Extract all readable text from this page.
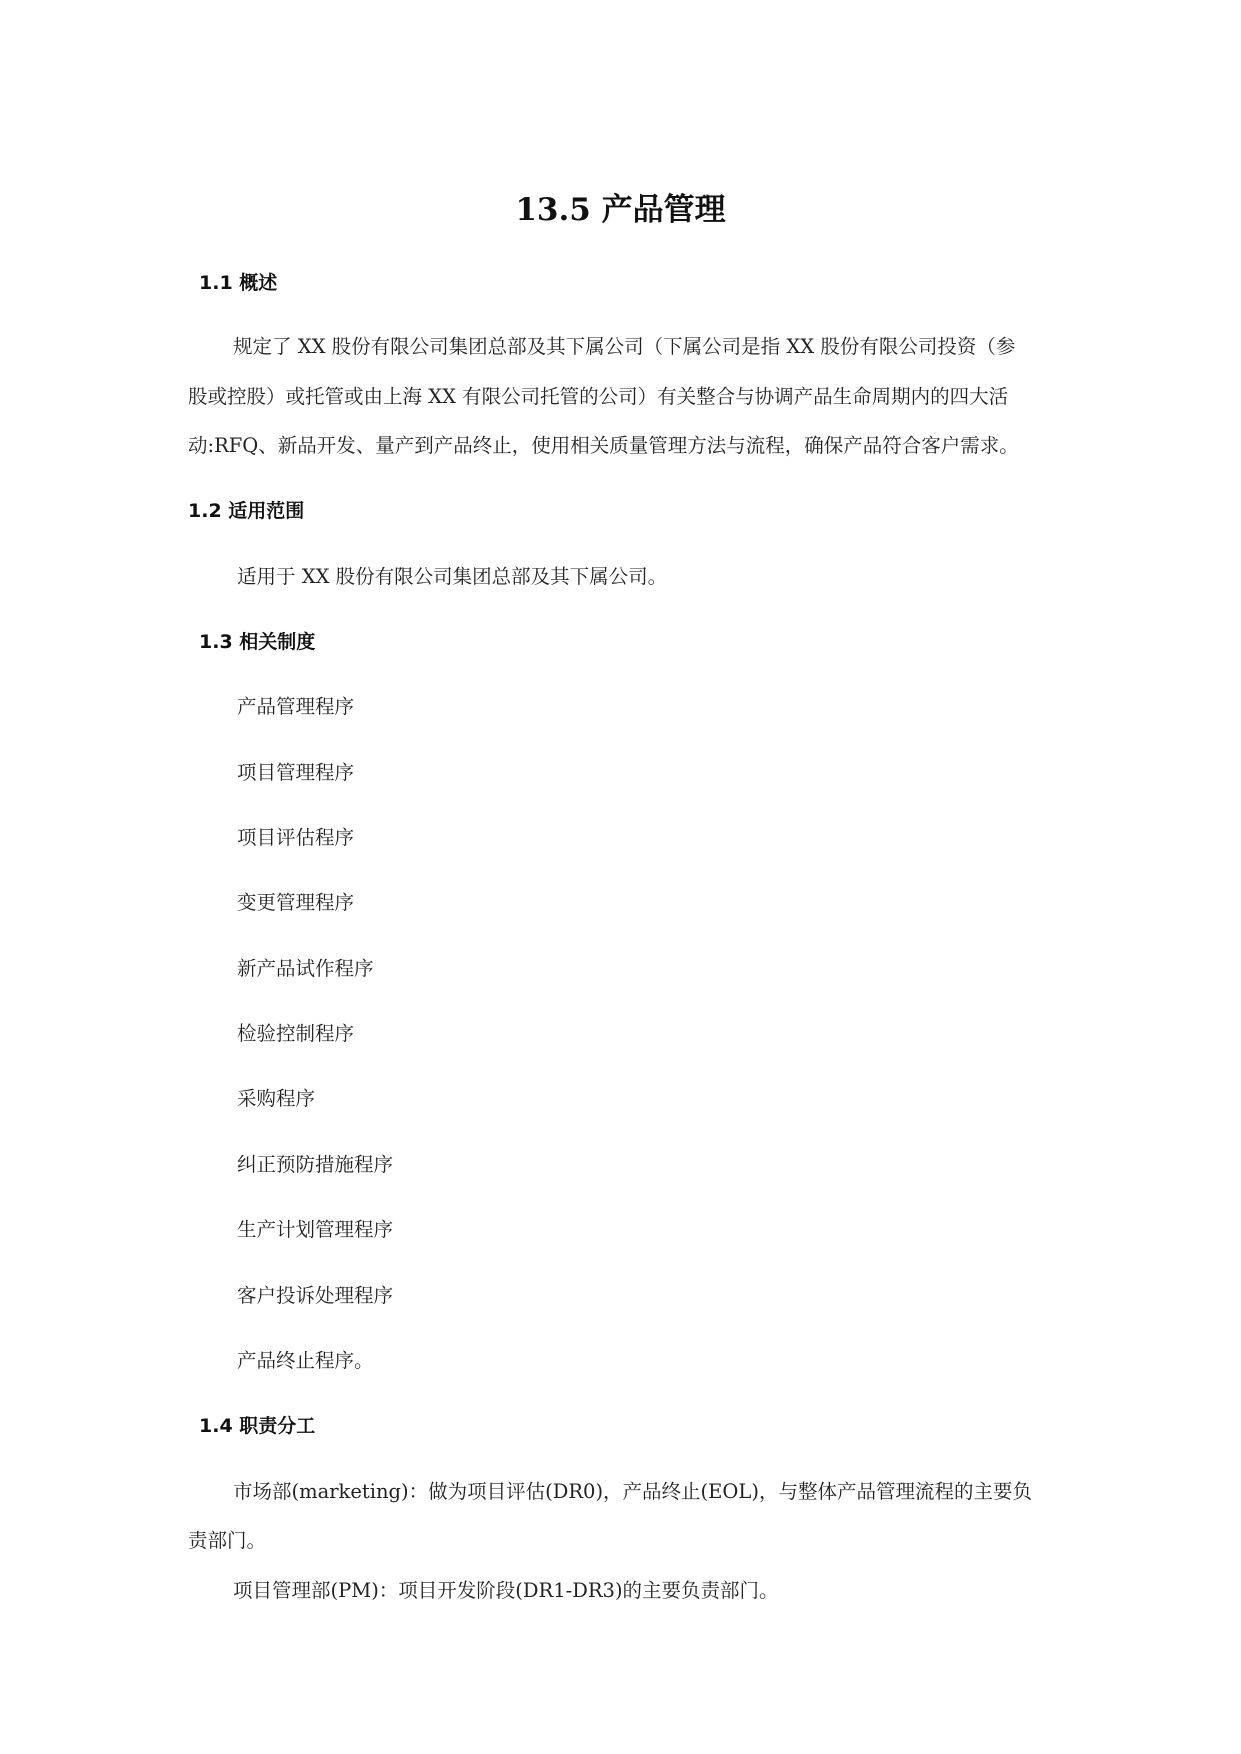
13.5 产品管理
1.1 概述
规定了 XX 股份有限公司集团总部及其下属公司（下属公司是指 XX 股份有限公司投资（参
股或控股）或托管或由上海 XX 有限公司托管的公司）有关整合与协调产品生命周期内的四大活
动:RFQ、新品开发、量产到产品终止，使用相关质量管理方法与流程，确保产品符合客户需求。
1.2 适用范围
适用于 XX 股份有限公司集团总部及其下属公司。
1.3 相关制度
产品管理程序
项目管理程序
项目评估程序
变更管理程序
新产品试作程序
检验控制程序
采购程序
纠正预防措施程序
生产计划管理程序
客户投诉处理程序
产品终止程序。
1.4 职责分工
市场部(marketing)：做为项目评估(DR0)，产品终止(EOL)，与整体产品管理流程的主要负
责部门。
项目管理部(PM)：项目开发阶段(DR1-DR3)的主要负责部门。
